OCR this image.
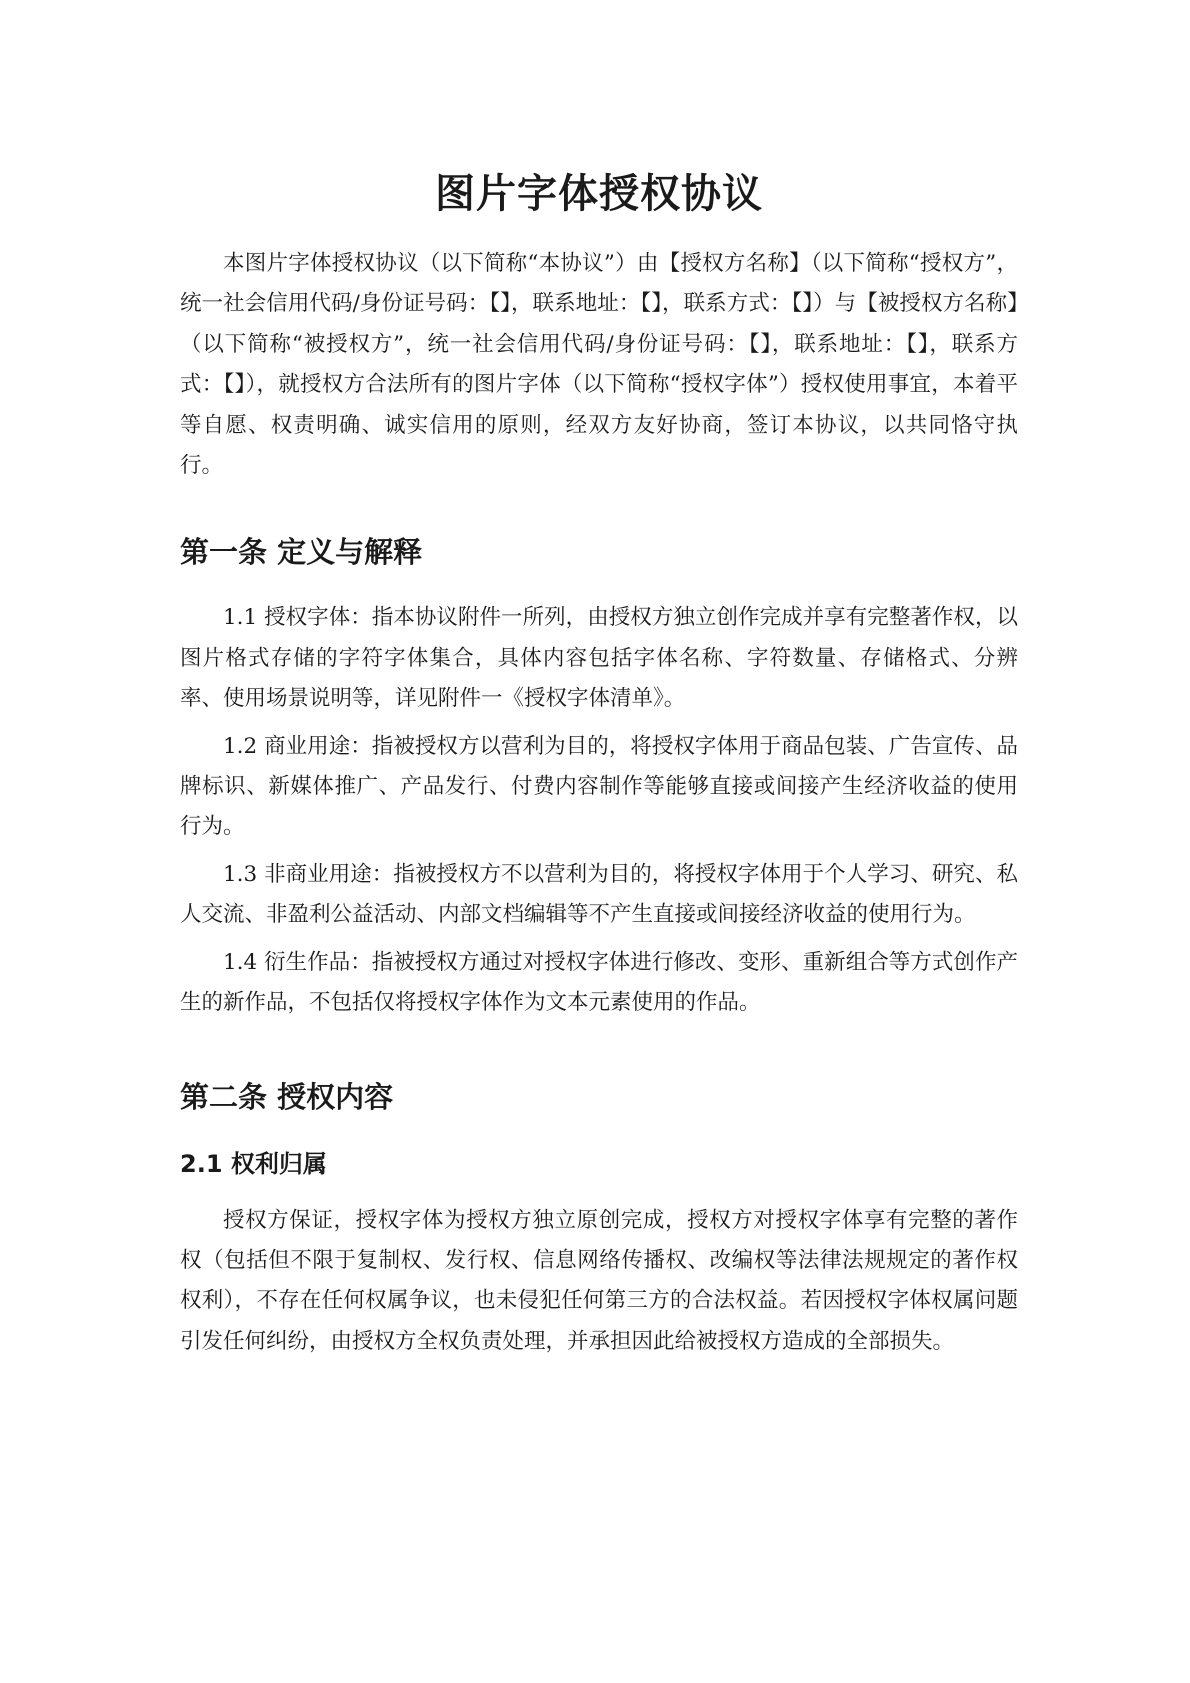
图片字体授权协议

本图片字体授权协议（以下简称“本协议”）由【授权方名称】（以下简称“授权方”，统一社会信用代码/身份证号码：【】，联系地址：【】，联系方式：【】）与【被授权方名称】（以下简称“被授权方”，统一社会信用代码/身份证号码：【】，联系地址：【】，联系方式：【】），就授权方合法所有的图片字体（以下简称“授权字体”）授权使用事宜，本着平等自愿、权责明确、诚实信用的原则，经双方友好协商，签订本协议，以共同恪守执行。

第一条 定义与解释

1.1 授权字体：指本协议附件一所列，由授权方独立创作完成并享有完整著作权，以图片格式存储的字符字体集合，具体内容包括字体名称、字符数量、存储格式、分辨率、使用场景说明等，详见附件一《授权字体清单》。

1.2 商业用途：指被授权方以营利为目的，将授权字体用于商品包装、广告宣传、品牌标识、新媒体推广、产品发行、付费内容制作等能够直接或间接产生经济收益的使用行为。

1.3 非商业用途：指被授权方不以营利为目的，将授权字体用于个人学习、研究、私人交流、非盈利公益活动、内部文档编辑等不产生直接或间接经济收益的使用行为。

1.4 衍生作品：指被授权方通过对授权字体进行修改、变形、重新组合等方式创作产生的新作品，不包括仅将授权字体作为文本元素使用的作品。

第二条 授权内容
2.1 权利归属

授权方保证，授权字体为授权方独立原创完成，授权方对授权字体享有完整的著作权（包括但不限于复制权、发行权、信息网络传播权、改编权等法律法规规定的著作权权利），不存在任何权属争议，也未侵犯任何第三方的合法权益。若因授权字体权属问题引发任何纠纷，由授权方全权负责处理，并承担因此给被授权方造成的全部损失。
